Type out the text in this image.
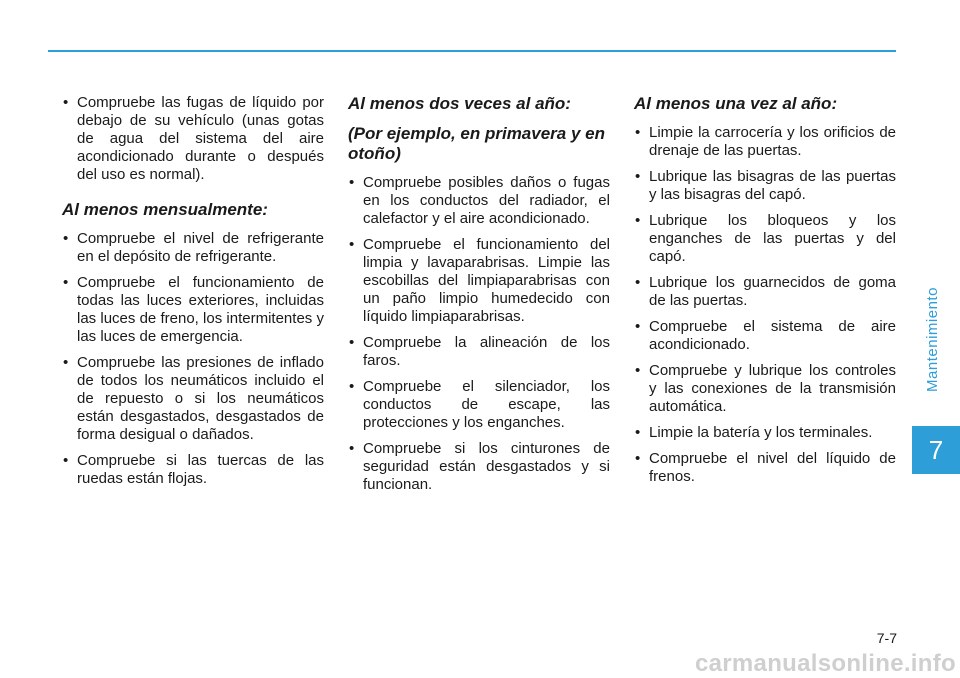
• Compruebe las fugas de líquido por debajo de su vehículo (unas gotas de agua del sistema del aire acondicionado durante o después del uso es normal).
Al menos mensualmente:
• Compruebe el nivel de refrigerante en el depósito de refrigerante.
• Compruebe el funcionamiento de todas las luces exteriores, incluidas las luces de freno, los intermitentes y las luces de emergencia.
• Compruebe las presiones de inflado de todos los neumáticos incluido el de repuesto o si los neumáticos están desgastados, desgastados de forma desigual o dañados.
• Compruebe si las tuercas de las ruedas están flojas.
Al menos dos veces al año:
(Por ejemplo, en primavera y en otoño)
• Compruebe posibles daños o fugas en los conductos del radiador, el calefactor y el aire acondicionado.
• Compruebe el funcionamiento del limpia y lavaparabrisas. Limpie las escobillas del limpiaparabrisas con un paño limpio humedecido con líquido limpiaparabrisas.
• Compruebe la alineación de los faros.
• Compruebe el silenciador, los conductos de escape, las protecciones y los enganches.
• Compruebe si los cinturones de seguridad están desgastados y si funcionan.
Al menos una vez al año:
• Limpie la carrocería y los orificios de drenaje de las puertas.
• Lubrique las bisagras de las puertas y las bisagras del capó.
• Lubrique los bloqueos y los enganches de las puertas y del capó.
• Lubrique los guarnecidos de goma de las puertas.
• Compruebe el sistema de aire acondicionado.
• Compruebe y lubrique los controles y las conexiones de la transmisión automática.
• Limpie la batería y los terminales.
• Compruebe el nivel del líquido de frenos.
Mantenimiento
7
7-7
carmanualsonline.info
